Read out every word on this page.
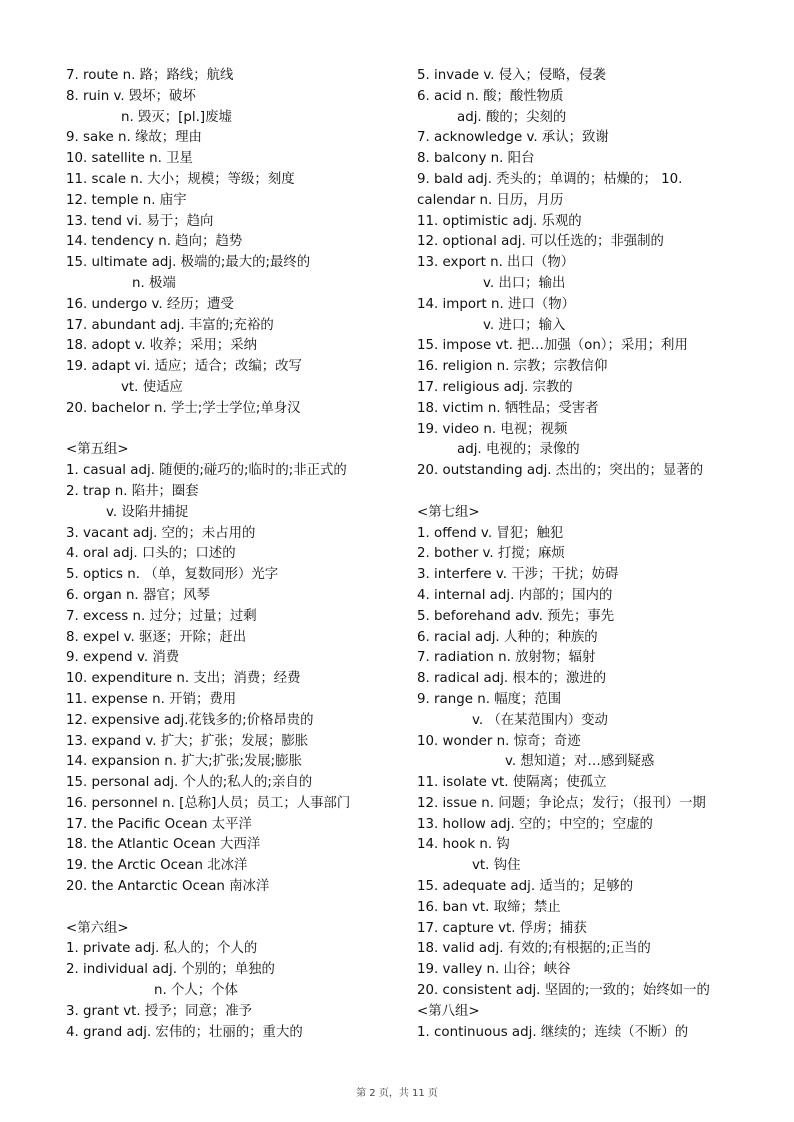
7. route n. 路；路线；航线
8. ruin v. 毁坏；破坏
n. 毁灭；[pl.]废墟
9. sake n. 缘故；理由
10. satellite n. 卫星
11. scale n. 大小；规模；等级；刻度
12. temple n. 庙宇
13. tend vi. 易于；趋向
14. tendency n. 趋向；趋势
15. ultimate adj. 极端的;最大的;最终的
n. 极端
16. undergo v. 经历；遭受
17. abundant adj. 丰富的;充裕的
18. adopt v. 收养；采用；采纳
19. adapt vi. 适应；适合；改编；改写
vt. 使适应
20. bachelor n. 学士;学士学位;单身汉
<第五组>
1. casual adj. 随便的;碰巧的;临时的;非正式的
2. trap n. 陷井；圈套
v. 设陷井捕捉
3. vacant adj. 空的；未占用的
4. oral adj. 口头的；口述的
5. optics n. （单，复数同形）光字
6. organ n. 器官；风琴
7. excess n. 过分；过量；过剩
8. expel v. 驱逐；开除；赶出
9. expend v. 消费
10. expenditure n. 支出；消费；经费
11. expense n. 开销；费用
12. expensive adj.花钱多的;价格昂贵的
13. expand v. 扩大；扩张；发展；膨胀
14. expansion n. 扩大;扩张;发展;膨胀
15. personal adj. 个人的;私人的;亲自的
16. personnel n. [总称]人员；员工；人事部门
17. the Pacific Ocean 太平洋
18. the Atlantic Ocean 大西洋
19. the Arctic Ocean 北冰洋
20. the Antarctic Ocean 南冰洋
<第六组>
1. private adj. 私人的；个人的
2. individual adj. 个别的；单独的
n. 个人；个体
3. grant vt. 授予；同意；准予
4. grand adj. 宏伟的；壮丽的；重大的
5. invade v. 侵入；侵略，侵袭
6. acid n. 酸；酸性物质
adj. 酸的；尖刻的
7. acknowledge v. 承认；致谢
8. balcony n. 阳台
9. bald adj. 秃头的；单调的；枯燥的； 10.
calendar n. 日历，月历
11. optimistic adj. 乐观的
12. optional adj. 可以任选的；非强制的
13. export n. 出口（物）
v. 出口；输出
14. import n. 进口（物）
v. 进口；输入
15. impose vt. 把…加强（on）；采用；利用
16. religion n. 宗教；宗教信仰
17. religious adj. 宗教的
18. victim n. 牺牲品；受害者
19. video n. 电视；视频
adj. 电视的；录像的
20. outstanding adj. 杰出的；突出的；显著的
<第七组>
1. offend v. 冒犯；触犯
2. bother v. 打搅；麻烦
3. interfere v. 干涉；干扰；妨碍
4. internal adj. 内部的；国内的
5. beforehand adv. 预先；事先
6. racial adj. 人种的；种族的
7. radiation n. 放射物；辐射
8. radical adj. 根本的；激进的
9. range n. 幅度；范围
v. （在某范围内）变动
10. wonder n. 惊奇；奇迹
v. 想知道；对…感到疑惑
11. isolate vt. 使隔离；使孤立
12. issue n. 问题；争论点；发行；（报刊）一期
13. hollow adj. 空的；中空的；空虚的
14. hook n. 钩
vt. 钩住
15. adequate adj. 适当的；足够的
16. ban vt. 取缔；禁止
17. capture vt. 俘虏；捕获
18. valid adj. 有效的;有根据的;正当的
19. valley n. 山谷；峡谷
20. consistent adj. 坚固的;一致的；始终如一的
<第八组>
1. continuous adj. 继续的；连续（不断）的
第 2 页，共 11 页
